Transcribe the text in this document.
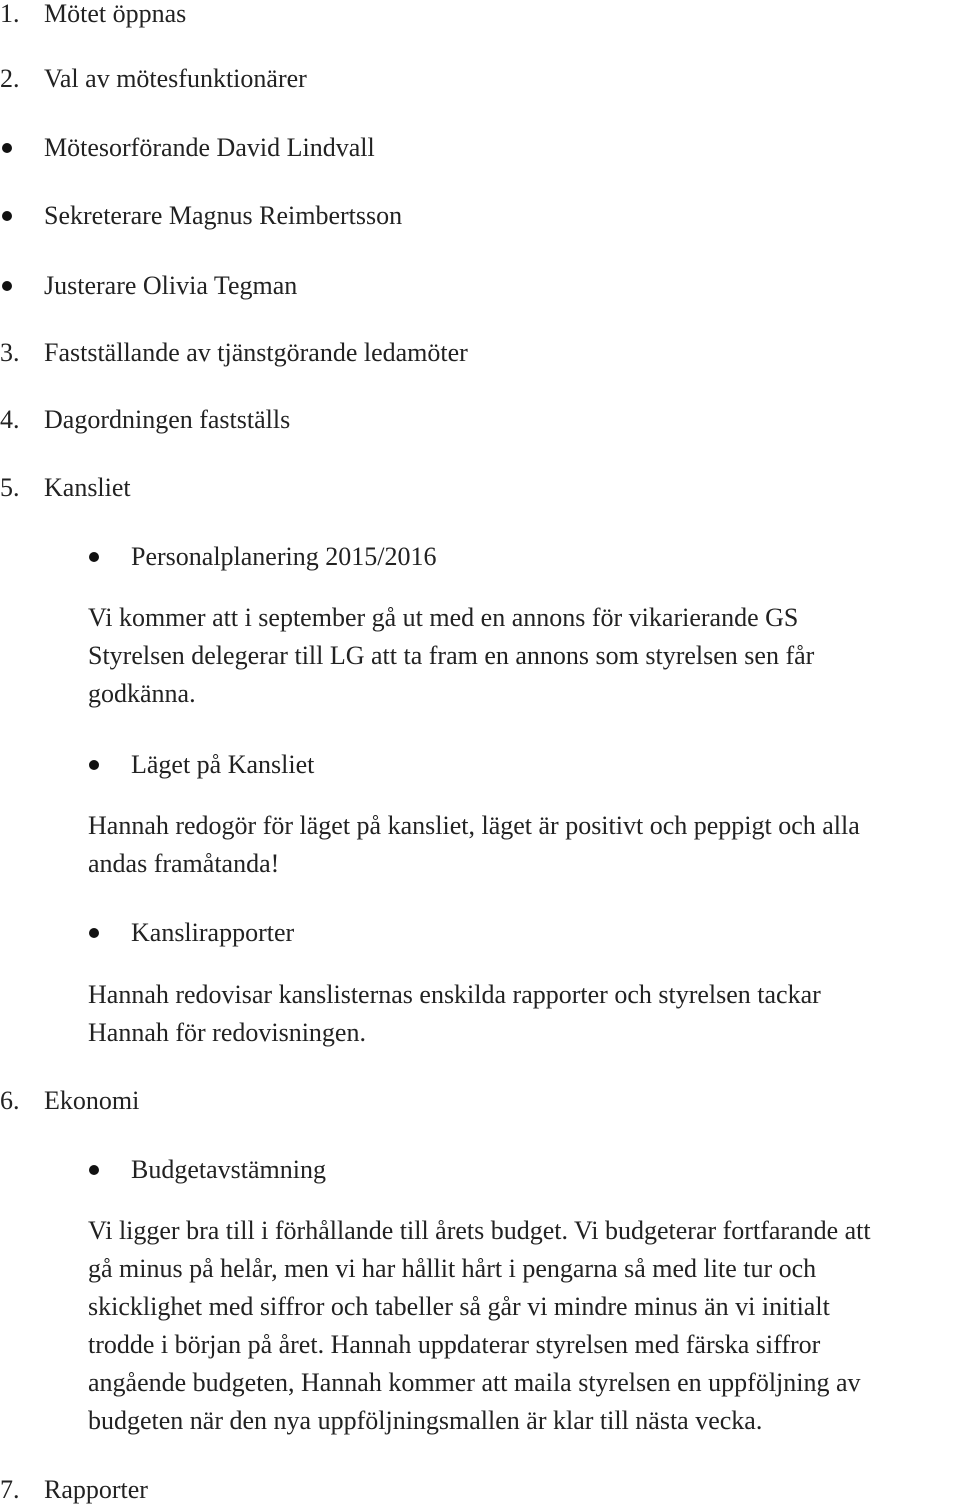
1. Mötet öppnas
2. Val av mötesfunktionärer
Mötesorförande David Lindvall
Sekreterare Magnus Reimbertsson
Justerare Olivia Tegman
3. Fastställande av tjänstgörande ledamöter
4. Dagordningen fastställs
5. Kansliet
Personalplanering 2015/2016
Vi kommer att i september gå ut med en annons för vikarierande GS
Styrelsen delegerar till LG att ta fram en annons som styrelsen sen får
godkänna.
Läget på Kansliet
Hannah redogör för läget på kansliet, läget är positivt och peppigt och alla
andas framåtanda!
Kanslirapporter
Hannah redovisar kanslisternas enskilda rapporter och styrelsen tackar
Hannah för redovisningen.
6. Ekonomi
Budgetavstämning
Vi ligger bra till i förhållande till årets budget. Vi budgeterar fortfarande att
gå minus på helår, men vi har hållit hårt i pengarna så med lite tur och
skicklighet med siffror och tabeller så går vi mindre minus än vi initialt
trodde i början på året. Hannah uppdaterar styrelsen med färska siffror
angående budgeten, Hannah kommer att maila styrelsen en uppföljning av
budgeten när den nya uppföljningsmallen är klar till nästa vecka.
7. Rapporter
